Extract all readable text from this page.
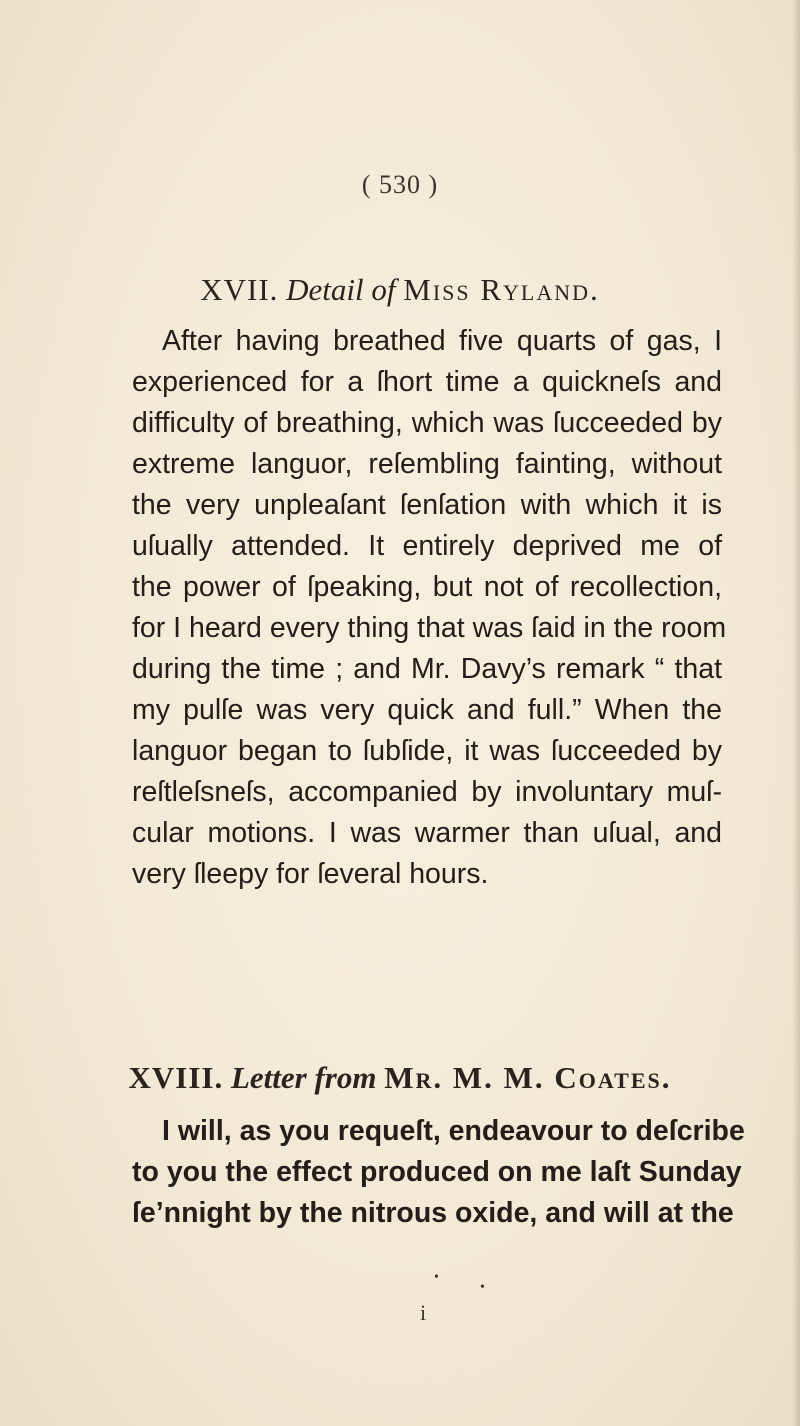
( 530 )
XVII. Detail of Miss Ryland.
After having breathed five quarts of gas, I
experienced for a ſhort time a quickneſs and
difficulty of breathing, which was ſucceeded by
extreme languor, reſembling fainting, without
the very unpleaſant ſenſation with which it is
uſually attended. It entirely deprived me of
the power of ſpeaking, but not of recollection,
for I heard every thing that was ſaid in the room
during the time ; and Mr. Davy’s remark “ that
my pulſe was very quick and full.” When the
languor began to ſubſide, it was ſucceeded by
reſtleſsneſs, accompanied by involuntary muſ-
cular motions. I was warmer than uſual, and
very ſleepy for ſeveral hours.
XVIII. Letter from Mr. M. M. Coates.
I will, as you requeſt, endeavour to deſcribe
to you the effect produced on me laſt Sunday
ſe’nnight by the nitrous oxide, and will at the
•
•
i
